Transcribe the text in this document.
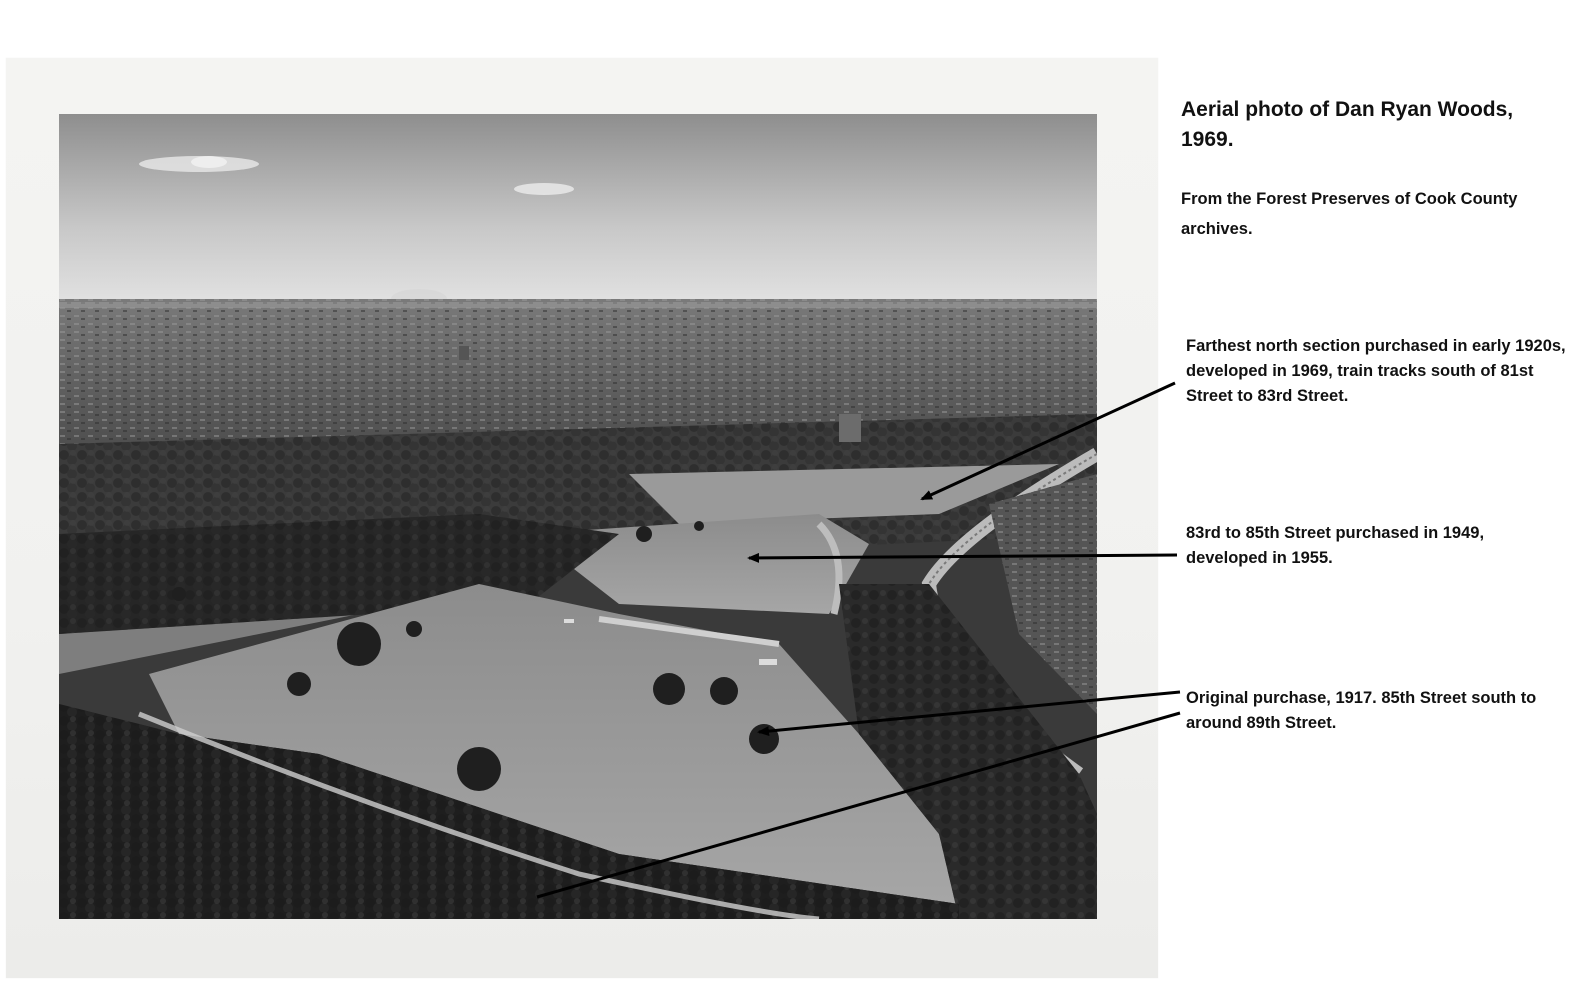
Aerial photo of Dan Ryan Woods, 1969.
From the Forest Preserves of Cook County archives.
Farthest north section purchased in early 1920s, developed in 1969, train tracks south of 81st Street to 83rd Street.
83rd to 85th Street purchased in 1949, developed in 1955.
Original purchase, 1917. 85th Street south to around 89th Street.
